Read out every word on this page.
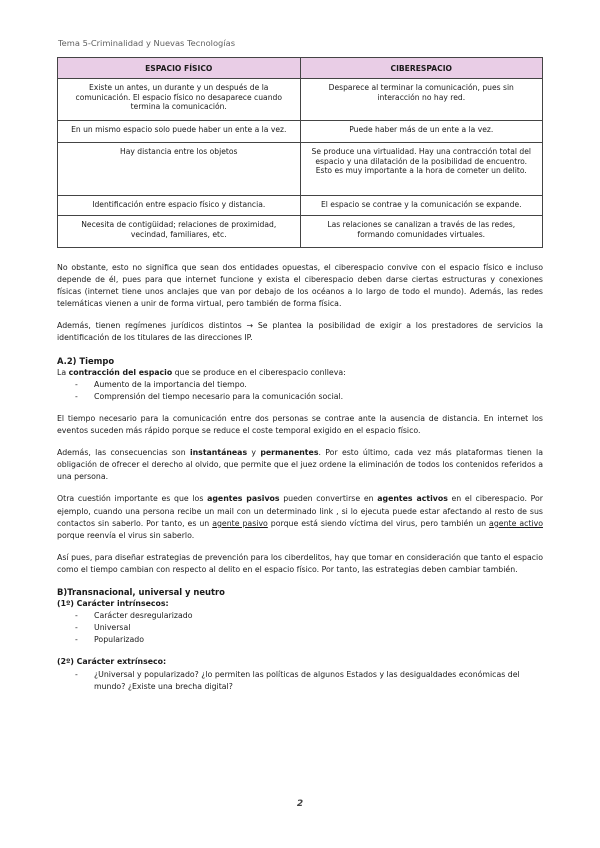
Tema 5-Criminalidad y Nuevas Tecnologías
ESPACIO FÍSICO	CIBERESPACIO
Existe un antes, un durante y un después de la comunicación. El espacio físico no desaparece cuando termina la comunicación.	Desparece al terminar la comunicación, pues sin interacción no hay red.
En un mismo espacio solo puede haber un ente a la vez.	Puede haber más de un ente a la vez.
Hay distancia entre los objetos	Se produce una virtualidad. Hay una contracción total del espacio y una dilatación de la posibilidad de encuentro. Esto es muy importante a la hora de cometer un delito.
Identificación entre espacio físico y distancia.	El espacio se contrae y la comunicación se expande.
Necesita de contigüidad; relaciones de proximidad, vecindad, familiares, etc.	Las relaciones se canalizan a través de las redes, formando comunidades virtuales.

No obstante, esto no significa que sean dos entidades opuestas, el ciberespacio convive con el espacio físico e incluso depende de él, pues para que internet funcione y exista el ciberespacio deben darse ciertas estructuras y conexiones físicas (internet tiene unos anclajes que van por debajo de los océanos a lo largo de todo el mundo). Además, las redes telemáticas vienen a unir de forma virtual, pero también de forma física.

Además, tienen regímenes jurídicos distintos → Se plantea la posibilidad de exigir a los prestadores de servicios la identificación de los titulares de las direcciones IP.

A.2) Tiempo

La contracción del espacio que se produce en el ciberespacio conlleva:

- Aumento de la importancia del tiempo.
- Comprensión del tiempo necesario para la comunicación social.

El tiempo necesario para la comunicación entre dos personas se contrae ante la ausencia de distancia. En internet los eventos suceden más rápido porque se reduce el coste temporal exigido en el espacio físico.

Además, las consecuencias son instantáneas y permanentes. Por esto último, cada vez más plataformas tienen la obligación de ofrecer el derecho al olvido, que permite que el juez ordene la eliminación de todos los contenidos referidos a una persona.

Otra cuestión importante es que los agentes pasivos pueden convertirse en agentes activos en el ciberespacio. Por ejemplo, cuando una persona recibe un mail con un determinado link , si lo ejecuta puede estar afectando al resto de sus contactos sin saberlo. Por tanto, es un agente pasivo porque está siendo víctima del virus, pero también un agente activo porque reenvía el virus sin saberlo.

Así pues, para diseñar estrategias de prevención para los ciberdelitos, hay que tomar en consideración que tanto el espacio como el tiempo cambian con respecto al delito en el espacio físico. Por tanto, las estrategias deben cambiar también.

B)Transnacional, universal y neutro

(1º) Carácter intrínsecos:

- Carácter desregularizado
- Universal
- Popularizado

(2º) Carácter extrínseco:

- ¿Universal y popularizado? ¿lo permiten las políticas de algunos Estados y las desigualdades económicas del mundo? ¿Existe una brecha digital?
2
